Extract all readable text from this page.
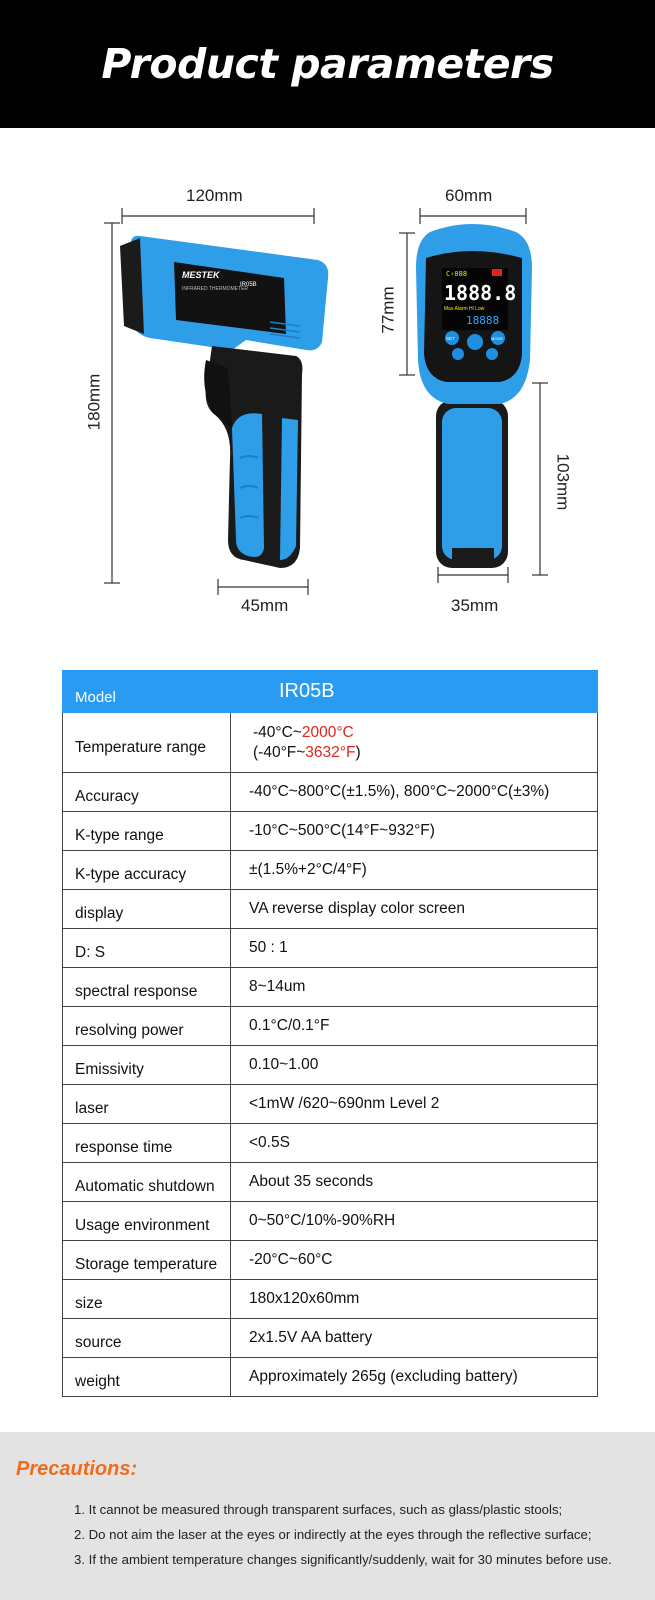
Product parameters
MESTEK
IR05B
INFRARED THERMOMETER
C‹088
1888.8
Max Alarm Hi Low
18888
SET	MODE
120mm	60mm
180mm
77mm
103mm
45mm	35mm
Model	IR05B
Temperature range	-40°C~2000°C
(-40°F~3632°F)

Accuracy	-40°C~800°C(±1.5%), 800°C~2000°C(±3%)
K-type range	-10°C~500°C(14°F~932°F)
K-type accuracy	±(1.5%+2°C/4°F)
display	VA reverse display color screen
D: S	50 : 1
spectral response	8~14um
resolving power	0.1°C/0.1°F
Emissivity	0.10~1.00
laser	<1mW /620~690nm Level 2
response time	<0.5S
Automatic shutdown	About 35 seconds
Usage environment	0~50°C/10%-90%RH
Storage temperature	-20°C~60°C
size	180x120x60mm
source	2x1.5V AA battery
weight	Approximately 265g (excluding battery)
Precautions:
1. It cannot be measured through transparent surfaces, such as glass/plastic stools;
2. Do not aim the laser at the eyes or indirectly at the eyes through the reflective surface;
3. If the ambient temperature changes significantly/suddenly, wait for 30 minutes before use.
